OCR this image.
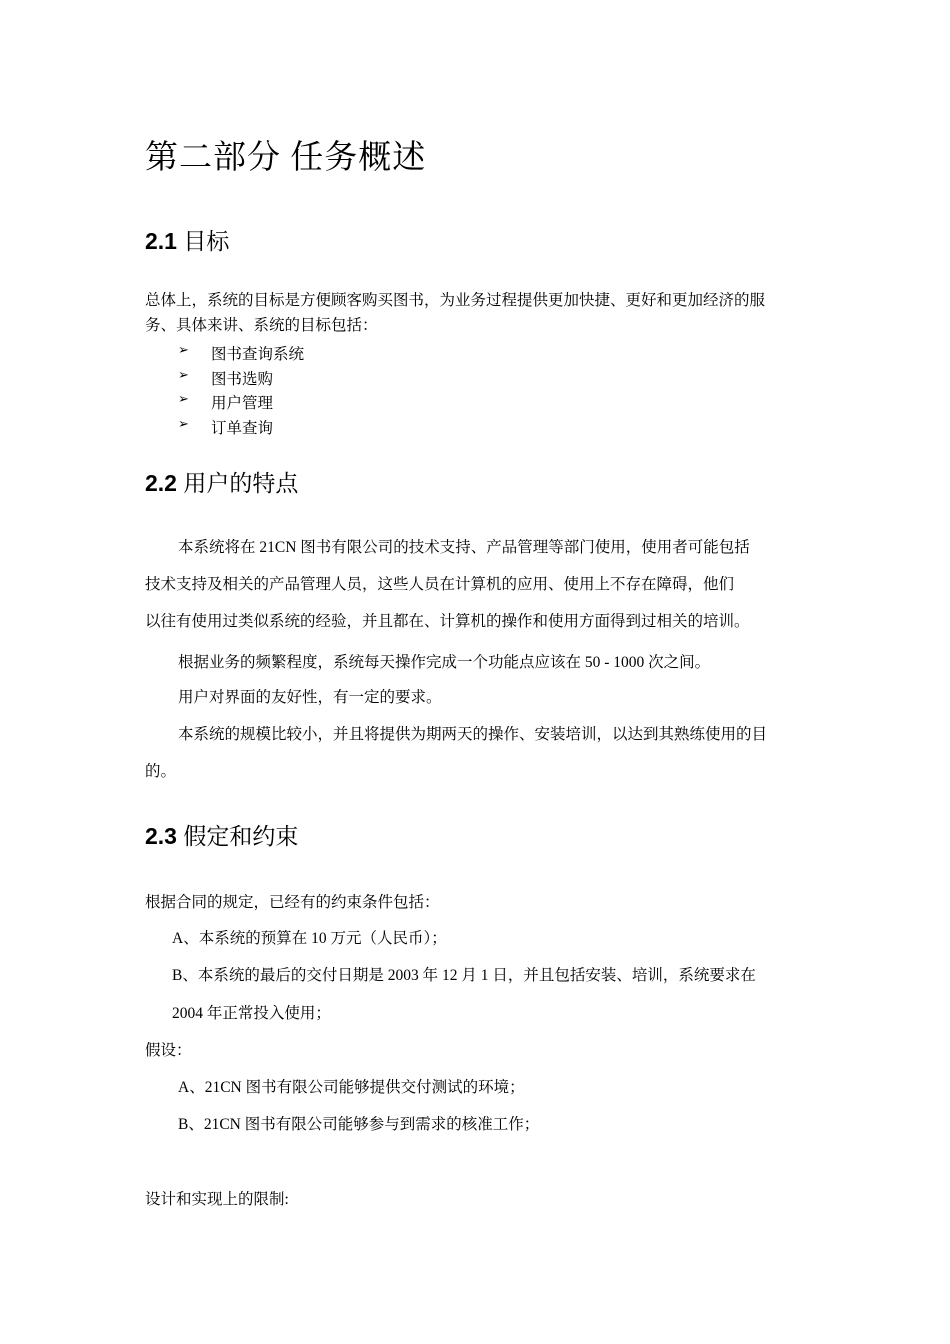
第二部分 任务概述
2.1 目标
总体上，系统的目标是方便顾客购买图书，为业务过程提供更加快捷、更好和更加经济的服
务、具体来讲、系统的目标包括：
➢ 图书查询系统
➢ 图书选购
➢ 用户管理
➢ 订单查询
2.2 用户的特点
本系统将在 21CN 图书有限公司的技术支持、产品管理等部门使用，使用者可能包括
技术支持及相关的产品管理人员，这些人员在计算机的应用、使用上不存在障碍，他们
以往有使用过类似系统的经验，并且都在、计算机的操作和使用方面得到过相关的培训。
根据业务的频繁程度，系统每天操作完成一个功能点应该在 50 - 1000 次之间。
用户对界面的友好性，有一定的要求。
本系统的规模比较小，并且将提供为期两天的操作、安装培训，以达到其熟练使用的目
的。
2.3 假定和约束
根据合同的规定，已经有的约束条件包括：
A、本系统的预算在 10 万元（人民币）；
B、本系统的最后的交付日期是 2003 年 12 月 1 日，并且包括安装、培训，系统要求在
2004 年正常投入使用；
假设：
A、21CN 图书有限公司能够提供交付测试的环境；
B、21CN 图书有限公司能够参与到需求的核准工作；
设计和实现上的限制:
